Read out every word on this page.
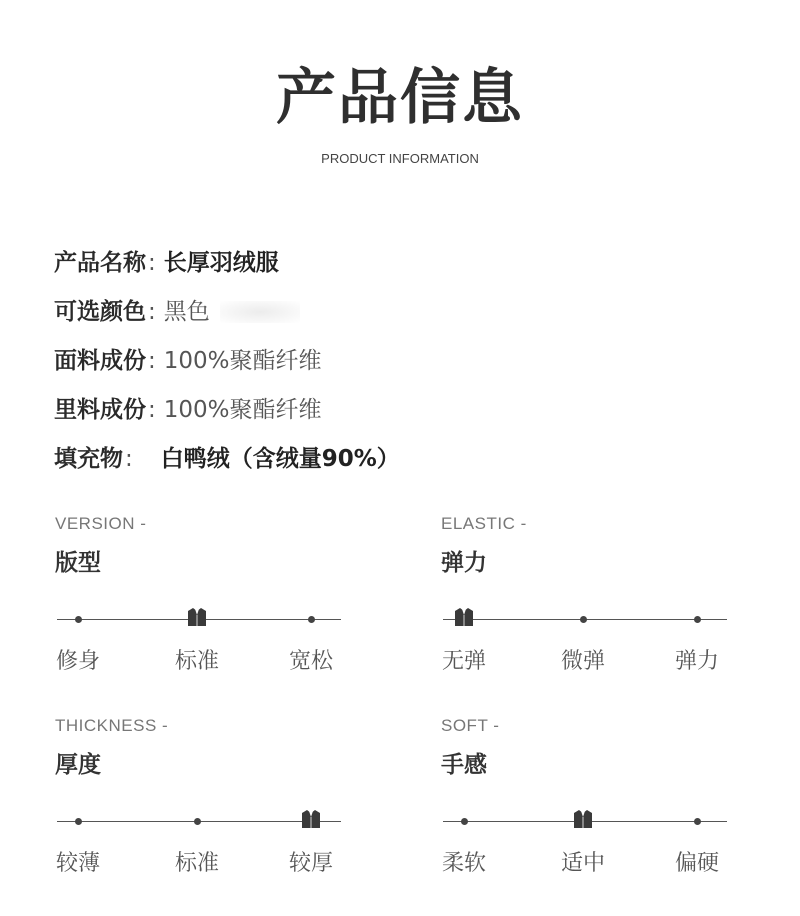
产品信息
PRODUCT INFORMATION
产品名称 : 长厚羽绒服
可选颜色 : 黑色
面料成份 : 100%聚酯纤维
里料成份 : 100%聚酯纤维
填充物 : 白鸭绒（含绒量90%）
VERSION -
版型
修身	标准	宽松
ELASTIC -
弹力
无弹	微弹	弹力
THICKNESS -
厚度
较薄	标准	较厚
SOFT -
手感
柔软	适中	偏硬
